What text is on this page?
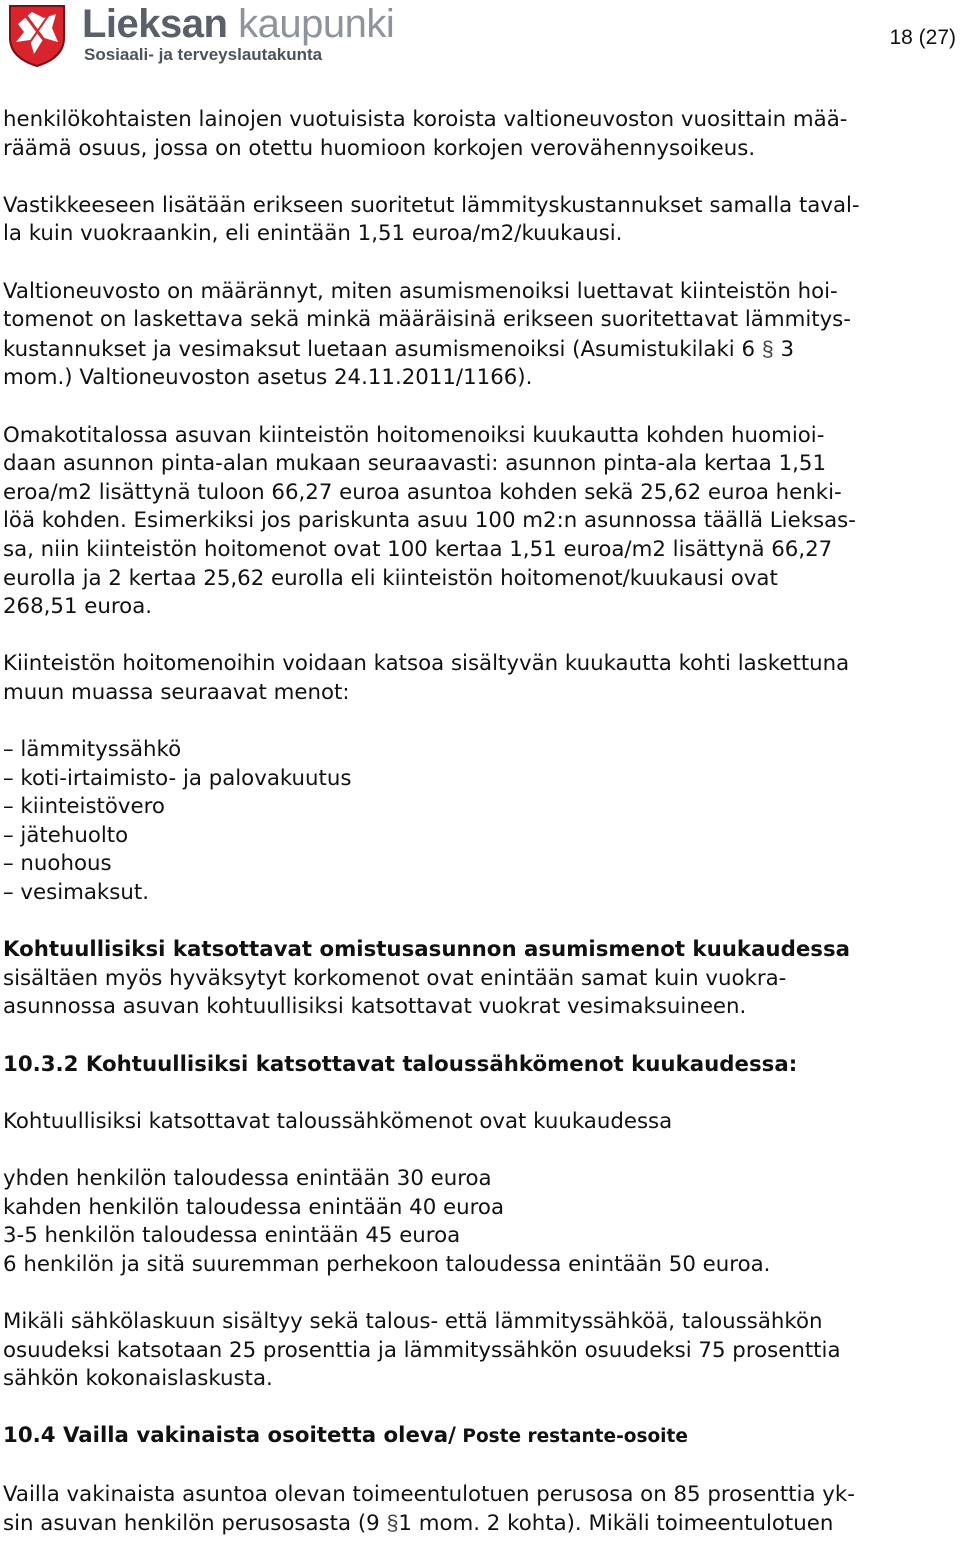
Lieksan kaupunki
Sosiaali- ja terveyslautakunta
18 (27)
henkilökohtaisten lainojen vuotuisista koroista valtioneuvoston vuosittain mää-
räämä osuus, jossa on otettu huomioon korkojen verovähennysoikeus.
Vastikkeeseen lisätään erikseen suoritetut lämmityskustannukset samalla taval-
la kuin vuokraankin, eli enintään 1,51 euroa/m2/kuukausi.
Valtioneuvosto on määrännyt, miten asumismenoiksi luettavat kiinteistön hoi-
tomenot on laskettava sekä minkä määräisinä erikseen suoritettavat lämmitys-
kustannukset ja vesimaksut luetaan asumismenoiksi (Asumistukilaki 6 § 3
mom.) Valtioneuvoston asetus 24.11.2011/1166).
Omakotitalossa asuvan kiinteistön hoitomenoiksi kuukautta kohden huomioi-
daan asunnon pinta-alan mukaan seuraavasti: asunnon pinta-ala kertaa 1,51
eroa/m2 lisättynä tuloon 66,27 euroa asuntoa kohden sekä 25,62 euroa henki-
löä kohden. Esimerkiksi jos pariskunta asuu 100 m2:n asunnossa täällä Lieksas-
sa, niin kiinteistön hoitomenot ovat 100 kertaa 1,51 euroa/m2 lisättynä 66,27
eurolla ja 2 kertaa 25,62 eurolla eli kiinteistön hoitomenot/kuukausi ovat
268,51 euroa.
Kiinteistön hoitomenoihin voidaan katsoa sisältyvän kuukautta kohti laskettuna
muun muassa seuraavat menot:
– lämmityssähkö
– koti-irtaimisto- ja palovakuutus
– kiinteistövero
– jätehuolto
– nuohous
– vesimaksut.
Kohtuullisiksi katsottavat omistusasunnon asumismenot kuukaudessa
sisältäen myös hyväksytyt korkomenot ovat enintään samat kuin vuokra-
asunnossa asuvan kohtuullisiksi katsottavat vuokrat vesimaksuineen.
10.3.2 Kohtuullisiksi katsottavat taloussähkömenot kuukaudessa:
Kohtuullisiksi katsottavat taloussähkömenot ovat kuukaudessa
yhden henkilön taloudessa enintään 30 euroa
kahden henkilön taloudessa enintään 40 euroa
3-5 henkilön taloudessa enintään 45 euroa
6 henkilön ja sitä suuremman perhekoon taloudessa enintään 50 euroa.
Mikäli sähkölaskuun sisältyy sekä talous- että lämmityssähköä, taloussähkön
osuudeksi katsotaan 25 prosenttia ja lämmityssähkön osuudeksi 75 prosenttia
sähkön kokonaislaskusta.
10.4 Vailla vakinaista osoitetta oleva/ Poste restante-osoite
Vailla vakinaista asuntoa olevan toimeentulotuen perusosa on 85 prosenttia yk-
sin asuvan henkilön perusosasta (9 §1 mom. 2 kohta). Mikäli toimeentulotuen
